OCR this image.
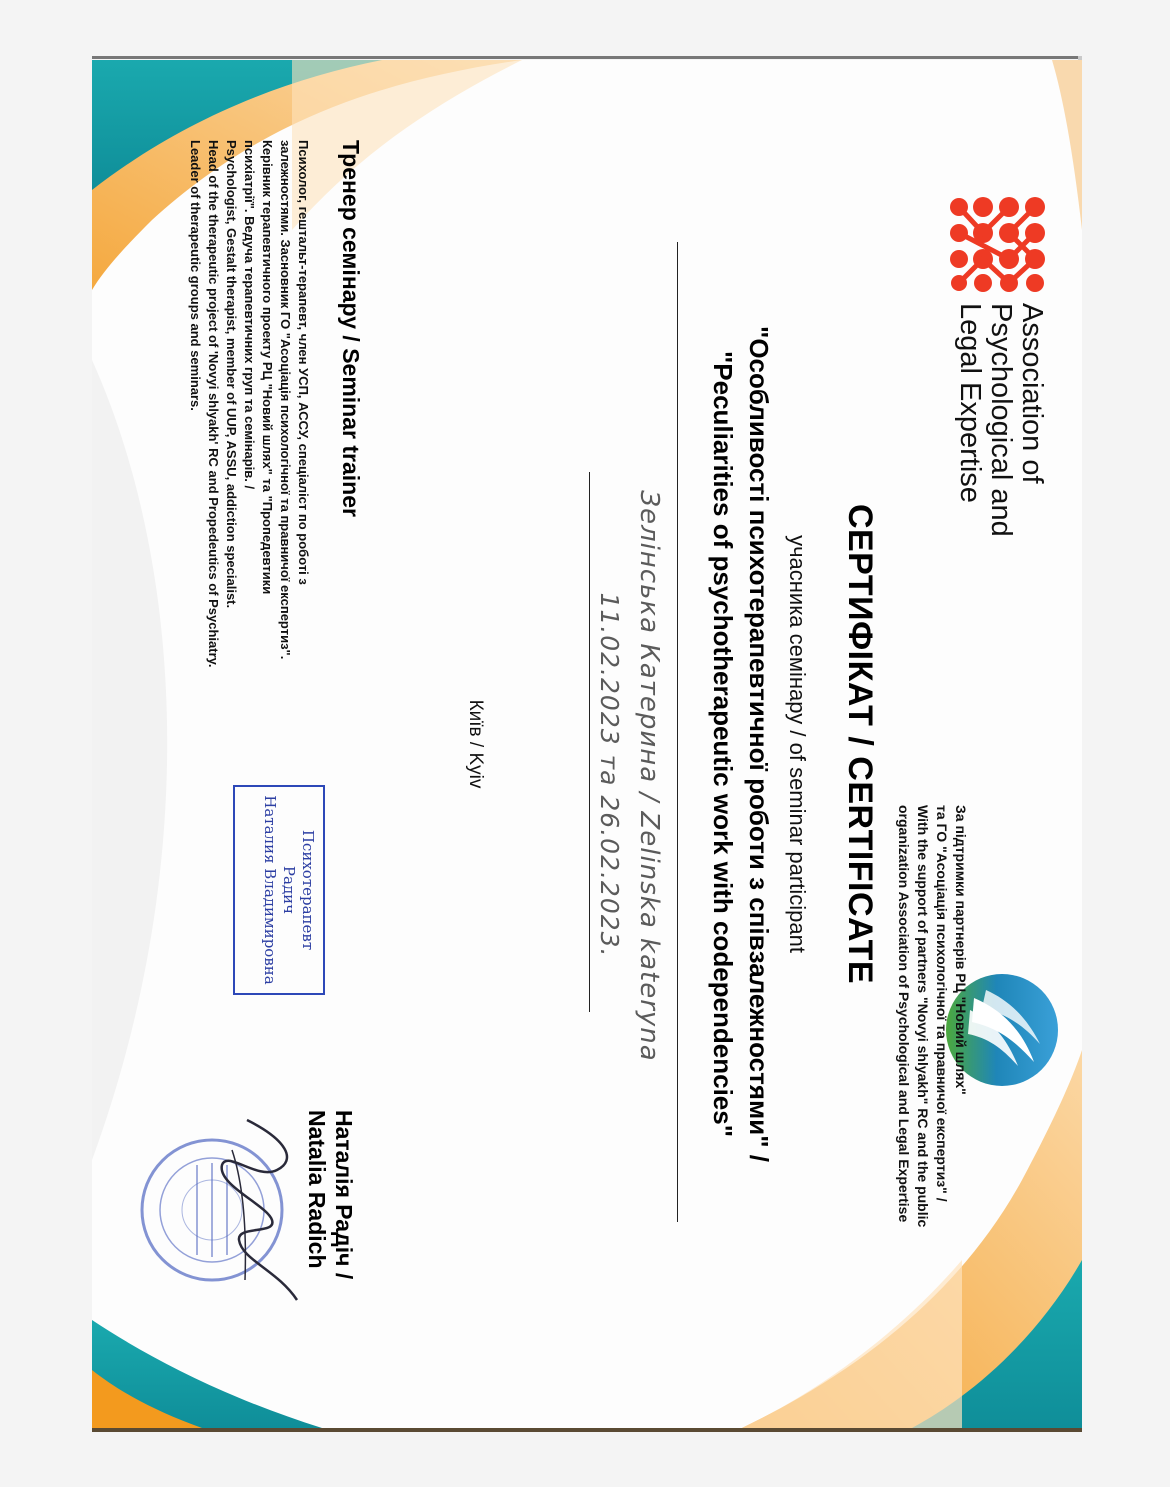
Association of
Psychological and
Legal Expertise
За підтримки партнерів РЦ "Новий шлях"
та ГО "Асоціація психологічної та правничої експертиз" /
With the support of partners "Novyi shlyakh" RC and the public
organization Association of Psychological and Legal Expertise
СЕРТИФІКАТ / CERTIFICATE
учасника семінару / of seminar participant
"Особливості психотерапевтичної роботи з співзалежностями" /
"Peculiarities of psychotherapeutic work with codependencies"
Зелінська Катерина / Zelinska katerуna
11.02.2023 та 26.02.2023.
Київ / Kyiv
Тренер семінару / Seminar trainer
Психолог, гештальт-терапевт, член УСП, АССУ, спеціаліст по роботі з
залежностями. Засновник ГО "Асоціація психологічної та правничої експертиз".
Керівник терапевтичного проекту РЦ "Новий шлях" та "Пропедевтики
психіатрії". Ведуча терапевтичних груп та семінарів. /
Psychologist, Gestalt therapist, member of UUP, ASSU, addiction specialist.
Head of the therapeutic project of 'Novyi shlyakh' RC and Propedeutics of Psychiatry.
Leader of therapeutic groups and seminars.
Психотерапевт
Радич
Наталия Владимировна
Наталія Радіч /
Natalia Radich
